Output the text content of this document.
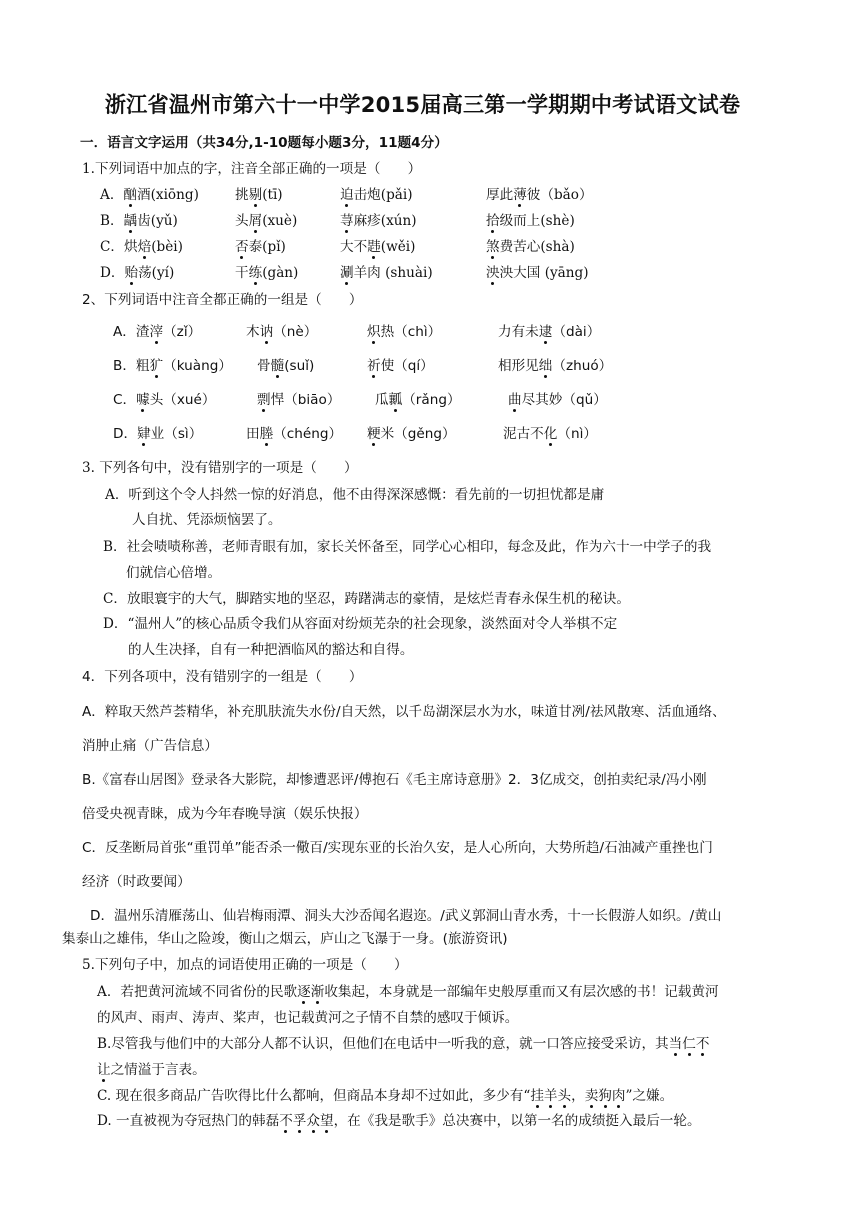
浙江省温州市第六十一中学2015届高三第一学期期中考试语文试卷
一．语言文字运用（共34分,1-10题每小题3分，11题4分）
1.下列词语中加点的字，注音全部正确的一项是（　　）
A．酗酒(xiōng)	挑剔(tī)	迫击炮(pǎi)	厚此薄彼（bǎo）
B．龋齿(yǔ)	头屑(xuè)	荨麻疹(xún)	拾级而上(shè)
C．烘焙(bèi)	否泰(pǐ)	大不韪(wěi)	煞费苦心(shà)
D．贻荡(yí)	干练(gàn)	涮羊肉 (shuài)	泱泱大国 (yāng)
2、下列词语中注音全都正确的一组是（　　）
A．渣滓（zǐ）	木讷（nè）	炽热（chì）	力有未逮（dài）
B．粗犷（kuàng） 骨髓(suǐ)	祈使（qí）	相形见绌（zhuó）
C．噱头（xué）	剽悍（biāo）	瓜瓤（rǎng）	曲尽其妙（qǔ）
D．肄业（sì）	田塍（chéng） 粳米（gěng）	泥古不化（nì）
3. 下列各句中，没有错别字的一项是（　　）
A．听到这个令人抖然一惊的好消息，他不由得深深感慨：看先前的一切担忧都是庸
人自扰、凭添烦恼罢了。
B．社会啧啧称善，老师青眼有加，家长关怀备至，同学心心相印，每念及此，作为六十一中学子的我
们就信心倍增。
C．放眼寰宇的大气，脚踏实地的坚忍，踌躇满志的豪情，是炫烂青春永保生机的秘诀。
D．“温州人”的核心品质令我们从容面对纷烦芜杂的社会现象，淡然面对令人举棋不定
的人生决择，自有一种把酒临风的豁达和自得。
4．下列各项中，没有错别字的一组是（　　）
A．粹取天然芦荟精华，补充肌肤流失水份/自天然，以千岛湖深层水为水，味道甘冽/祛风散寒、活血通络、
消肿止痛（广告信息）
B.《富春山居图》登录各大影院，却惨遭恶评/傅抱石《毛主席诗意册》2．3亿成交，创拍卖纪录/冯小刚
倍受央视青睐，成为今年春晚导演（娱乐快报）
C．反垄断局首张“重罚单”能否杀一儆百/实现东亚的长治久安，是人心所向，大势所趋/石油减产重挫也门
经济（时政要闻）
D．温州乐清雁荡山、仙岩梅雨潭、洞头大沙岙闻名遐迩。/武义郭洞山青水秀，十一长假游人如织。/黄山
集泰山之雄伟，华山之险竣，衡山之烟云，庐山之飞瀑于一身。(旅游资讯)
5.下列句子中，加点的词语使用正确的一项是（　　）
A．若把黄河流域不同省份的民歌逐渐收集起，本身就是一部编年史般厚重而又有层次感的书！记载黄河
的风声、雨声、涛声、桨声，也记载黄河之子情不自禁的感叹于倾诉。
B.尽管我与他们中的大部分人都不认识，但他们在电话中一听我的意，就一口答应接受采访，其当仁不
让之情溢于言表。
C. 现在很多商品广告吹得比什么都响，但商品本身却不过如此，多少有“挂羊头，卖狗肉”之嫌。
D. 一直被视为夺冠热门的韩磊不孚众望，在《我是歌手》总决赛中，以第一名的成绩挺入最后一轮。
